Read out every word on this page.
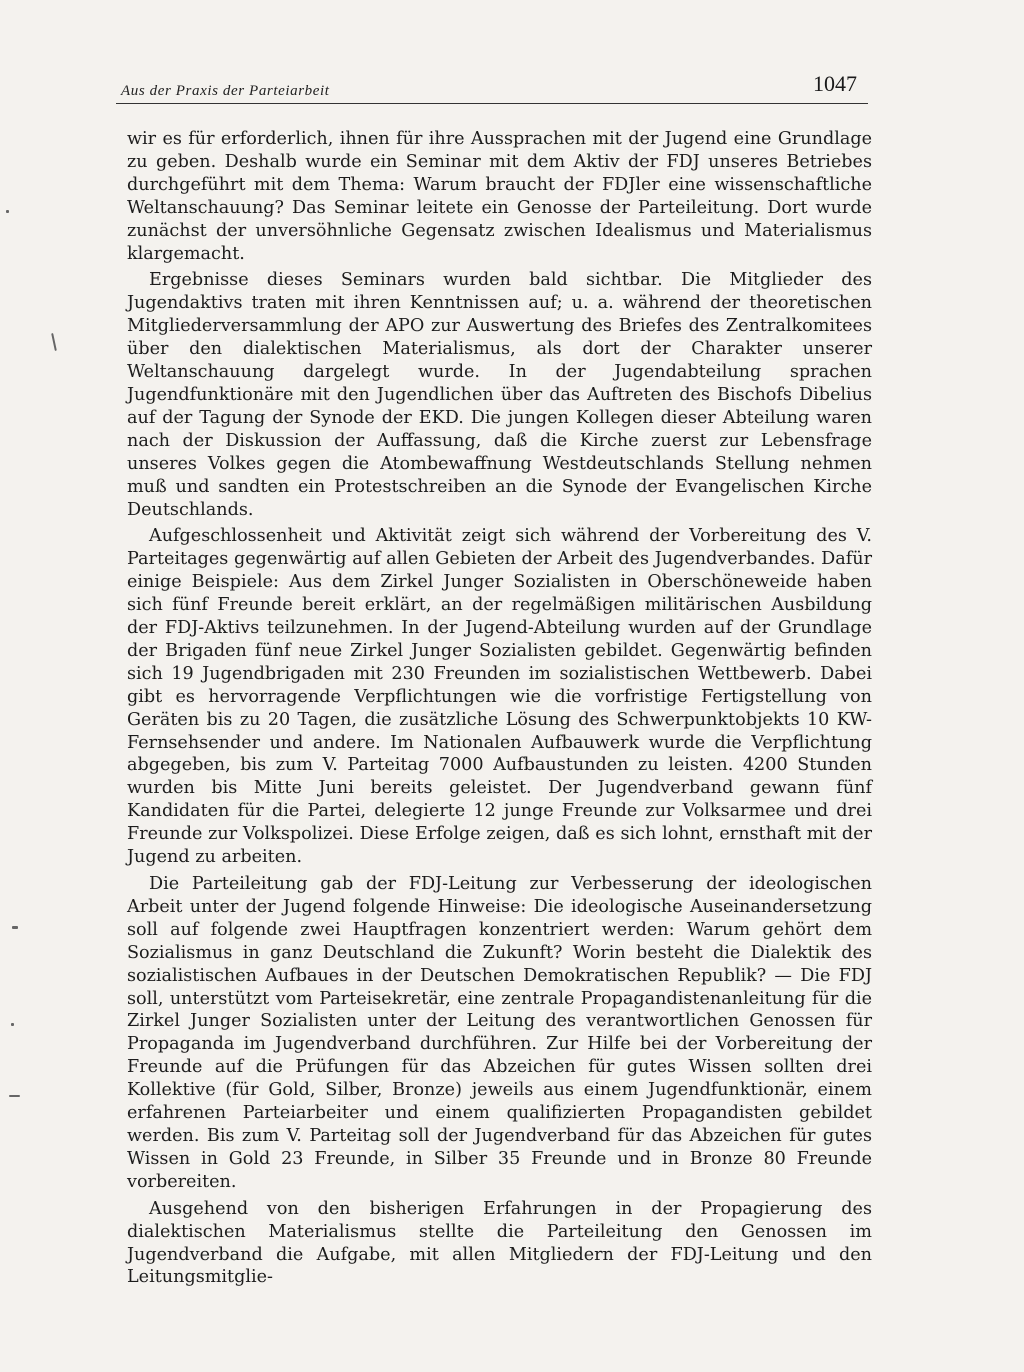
Aus der Praxis der Parteiarbeit	1047

wir es für erforderlich, ihnen für ihre Aussprachen mit der Jugend eine Grundlage zu geben. Deshalb wurde ein Seminar mit dem Aktiv der FDJ unseres Betriebes durchgeführt mit dem Thema: Warum braucht der FDJler eine wissenschaftliche Weltanschauung? Das Seminar leitete ein Genosse der Parteileitung. Dort wurde zunächst der unversöhnliche Gegensatz zwischen Idealismus und Materialismus klargemacht.

Ergebnisse dieses Seminars wurden bald sichtbar. Die Mitglieder des Jugendaktivs traten mit ihren Kenntnissen auf; u. a. während der theoretischen Mitgliederversammlung der APO zur Auswertung des Briefes des Zentralkomitees über den dialektischen Materialismus, als dort der Charakter unserer Weltanschauung dargelegt wurde. In der Jugendabteilung sprachen Jugendfunktionäre mit den Jugendlichen über das Auftreten des Bischofs Dibelius auf der Tagung der Synode der EKD. Die jungen Kollegen dieser Abteilung waren nach der Diskussion der Auffassung, daß die Kirche zuerst zur Lebensfrage unseres Volkes gegen die Atombewaffnung Westdeutschlands Stellung nehmen muß und sandten ein Protestschreiben an die Synode der Evangelischen Kirche Deutschlands.

Aufgeschlossenheit und Aktivität zeigt sich während der Vorbereitung des V. Parteitages gegenwärtig auf allen Gebieten der Arbeit des Jugendverbandes. Dafür einige Beispiele: Aus dem Zirkel Junger Sozialisten in Oberschöneweide haben sich fünf Freunde bereit erklärt, an der regelmäßigen militärischen Ausbildung der FDJ-Aktivs teilzunehmen. In der Jugend-Abteilung wurden auf der Grundlage der Brigaden fünf neue Zirkel Junger Sozialisten gebildet. Gegenwärtig befinden sich 19 Jugendbrigaden mit 230 Freunden im sozialistischen Wettbewerb. Dabei gibt es hervorragende Verpflichtungen wie die vorfristige Fertigstellung von Geräten bis zu 20 Tagen, die zusätzliche Lösung des Schwerpunktobjekts 10 KW-Fernsehsender und andere. Im Nationalen Aufbauwerk wurde die Verpflichtung abgegeben, bis zum V. Parteitag 7000 Aufbaustunden zu leisten. 4200 Stunden wurden bis Mitte Juni bereits geleistet. Der Jugendverband gewann fünf Kandidaten für die Partei, delegierte 12 junge Freunde zur Volksarmee und drei Freunde zur Volkspolizei. Diese Erfolge zeigen, daß es sich lohnt, ernsthaft mit der Jugend zu arbeiten.

Die Parteileitung gab der FDJ-Leitung zur Verbesserung der ideologischen Arbeit unter der Jugend folgende Hinweise: Die ideologische Auseinandersetzung soll auf folgende zwei Hauptfragen konzentriert werden: Warum gehört dem Sozialismus in ganz Deutschland die Zukunft? Worin besteht die Dialektik des sozialistischen Aufbaues in der Deutschen Demokratischen Republik? — Die FDJ soll, unterstützt vom Parteisekretär, eine zentrale Propagandistenanleitung für die Zirkel Junger Sozialisten unter der Leitung des verantwortlichen Genossen für Propaganda im Jugendverband durchführen. Zur Hilfe bei der Vorbereitung der Freunde auf die Prüfungen für das Abzeichen für gutes Wissen sollten drei Kollektive (für Gold, Silber, Bronze) jeweils aus einem Jugendfunktionär, einem erfahrenen Parteiarbeiter und einem qualifizierten Propagandisten gebildet werden. Bis zum V. Parteitag soll der Jugendverband für das Abzeichen für gutes Wissen in Gold 23 Freunde, in Silber 35 Freunde und in Bronze 80 Freunde vorbereiten.

Ausgehend von den bisherigen Erfahrungen in der Propagierung des dialektischen Materialismus stellte die Parteileitung den Genossen im Jugendverband die Aufgabe, mit allen Mitgliedern der FDJ-Leitung und den Leitungsmitglie-
